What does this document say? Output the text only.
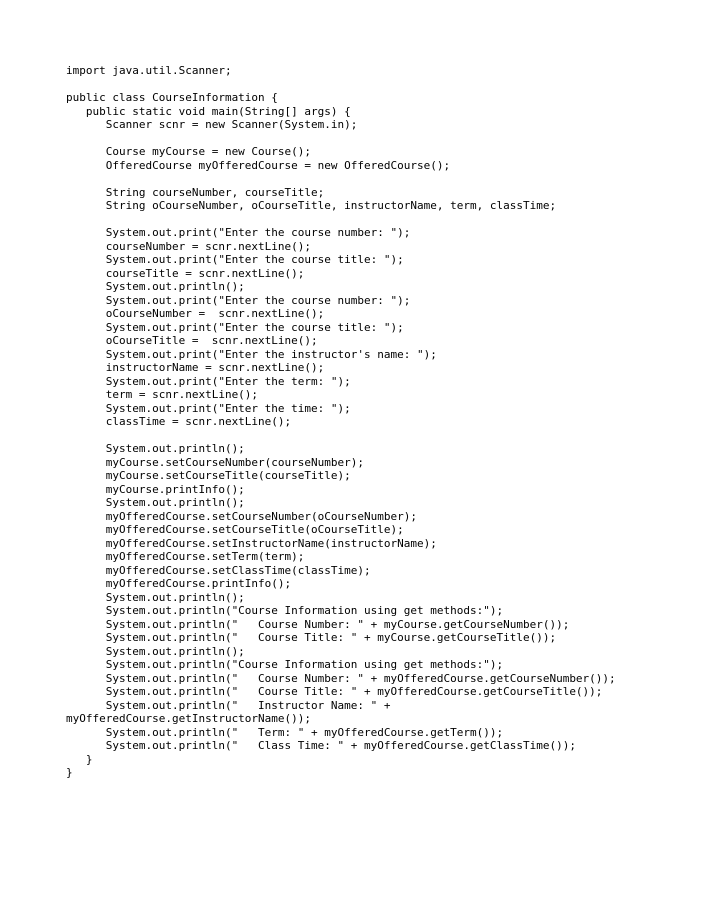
import java.util.Scanner;
public class CourseInformation {
public static void main(String[] args) {
Scanner scnr = new Scanner(System.in);
Course myCourse = new Course();
OfferedCourse myOfferedCourse = new OfferedCourse();
String courseNumber, courseTitle;
String oCourseNumber, oCourseTitle, instructorName, term, classTime;
System.out.print("Enter the course number: ");
courseNumber = scnr.nextLine();
System.out.print("Enter the course title: ");
courseTitle = scnr.nextLine();
System.out.println();
System.out.print("Enter the course number: ");
oCourseNumber =  scnr.nextLine();
System.out.print("Enter the course title: ");
oCourseTitle =  scnr.nextLine();
System.out.print("Enter the instructor's name: ");
instructorName = scnr.nextLine();
System.out.print("Enter the term: ");
term = scnr.nextLine();
System.out.print("Enter the time: ");
classTime = scnr.nextLine();
System.out.println();
myCourse.setCourseNumber(courseNumber);
myCourse.setCourseTitle(courseTitle);
myCourse.printInfo();
System.out.println();
myOfferedCourse.setCourseNumber(oCourseNumber);
myOfferedCourse.setCourseTitle(oCourseTitle);
myOfferedCourse.setInstructorName(instructorName);
myOfferedCourse.setTerm(term);
myOfferedCourse.setClassTime(classTime);
myOfferedCourse.printInfo();
System.out.println();
System.out.println("Course Information using get methods:");
System.out.println("   Course Number: " + myCourse.getCourseNumber());
System.out.println("   Course Title: " + myCourse.getCourseTitle());
System.out.println();
System.out.println("Course Information using get methods:");
System.out.println("   Course Number: " + myOfferedCourse.getCourseNumber());
System.out.println("   Course Title: " + myOfferedCourse.getCourseTitle());
System.out.println("   Instructor Name: " +
myOfferedCourse.getInstructorName());
System.out.println("   Term: " + myOfferedCourse.getTerm());
System.out.println("   Class Time: " + myOfferedCourse.getClassTime());
}
}
